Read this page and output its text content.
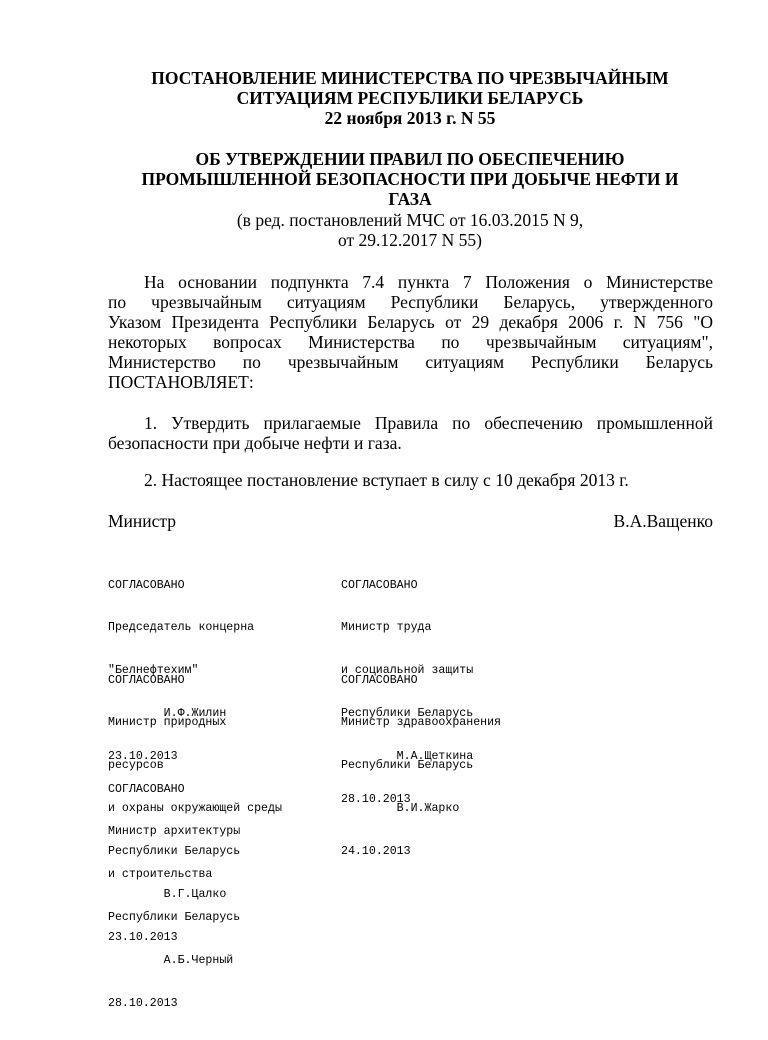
ПОСТАНОВЛЕНИЕ МИНИСТЕРСТВА ПО ЧРЕЗВЫЧАЙНЫМ
СИТУАЦИЯМ РЕСПУБЛИКИ БЕЛАРУСЬ
22 ноября 2013 г. N 55
ОБ УТВЕРЖДЕНИИ ПРАВИЛ ПО ОБЕСПЕЧЕНИЮ
ПРОМЫШЛЕННОЙ БЕЗОПАСНОСТИ ПРИ ДОБЫЧЕ НЕФТИ И
ГАЗА
(в ред. постановлений МЧС от 16.03.2015 N 9,
от 29.12.2017 N 55)
На основании подпункта 7.4 пункта 7 Положения о Министерстве
по чрезвычайным ситуациям Республики Беларусь, утвержденного
Указом Президента Республики Беларусь от 29 декабря 2006 г. N 756 "О
некоторых вопросах Министерства по чрезвычайным ситуациям",
Министерство по чрезвычайным ситуациям Республики Беларусь
ПОСТАНОВЛЯЕТ:
1. Утвердить прилагаемые Правила по обеспечению промышленной
безопасности при добыче нефти и газа.
2. Настоящее постановление вступает в силу с 10 декабря 2013 г.
Министр	В.А.Ващенко

СОГЛАСОВАНО

Председатель концерна

"Белнефтехим"

И.Ф.Жилин

23.10.2013

СОГЛАСОВАНО

Министр труда

и социальной защиты

Республики Беларусь

М.А.Щеткина

28.10.2013

СОГЛАСОВАНО

Министр природных

ресурсов

и охраны окружающей среды

Республики Беларусь

В.Г.Цалко

23.10.2013

СОГЛАСОВАНО

Министр здравоохранения

Республики Беларусь

В.И.Жарко

24.10.2013

СОГЛАСОВАНО

Министр архитектуры

и строительства

Республики Беларусь

А.Б.Черный

28.10.2013
